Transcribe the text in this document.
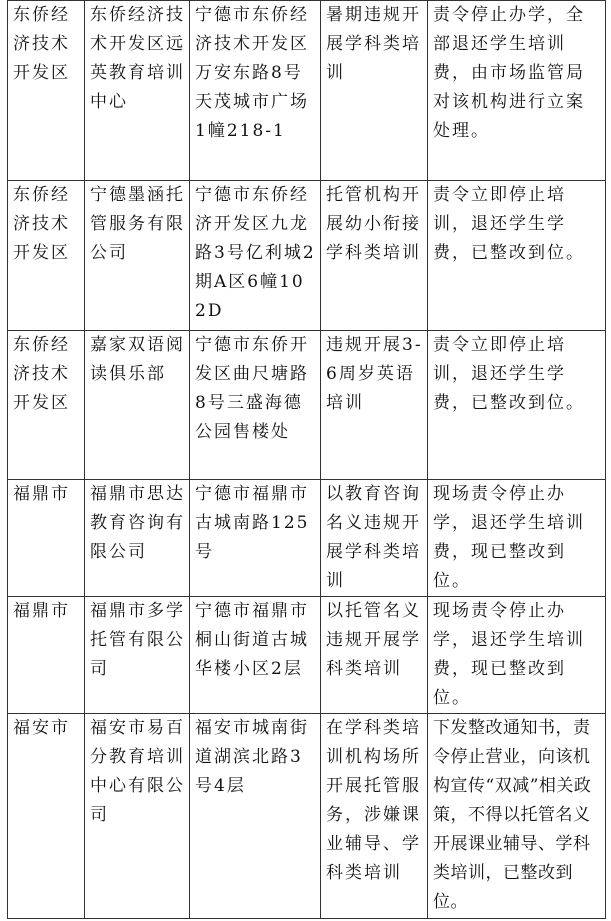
东侨经济技术开发区	东侨经济技术开发区远英教育培训中心	宁德市东侨经济技术开发区万安东路8号天茂城市广场1幢218-1	暑期违规开展学科类培训	责令停止办学，全部退还学生培训费，由市场监管局对该机构进行立案处理。
东侨经济技术开发区	宁德墨涵托管服务有限公司	宁德市东侨经济开发区九龙路3号亿利城2期A区6幢102D	托管机构开展幼小衔接学科类培训	责令立即停止培训，退还学生学费，已整改到位。
东侨经济技术开发区	嘉家双语阅读俱乐部	宁德市东侨开发区曲尺塘路8号三盛海德公园售楼处	违规开展3-6周岁英语培训	责令立即停止培训，退还学生学费，已整改到位。
福鼎市	福鼎市思达教育咨询有限公司	宁德市福鼎市古城南路125号	以教育咨询名义违规开展学科类培训	现场责令停止办学，退还学生培训费，现已整改到位。
福鼎市	福鼎市多学托管有限公司	宁德市福鼎市桐山街道古城华楼小区2层	以托管名义违规开展学科类培训	现场责令停止办学，退还学生培训费，现已整改到位。
福安市	福安市易百分教育培训中心有限公司	福安市城南街道湖滨北路3号4层	在学科类培训机构场所开展托管服务，涉嫌课业辅导、学科类培训	下发整改通知书，责令停止营业，向该机构宣传“双减”相关政策，不得以托管名义开展课业辅导、学科类培训，已整改到位。
